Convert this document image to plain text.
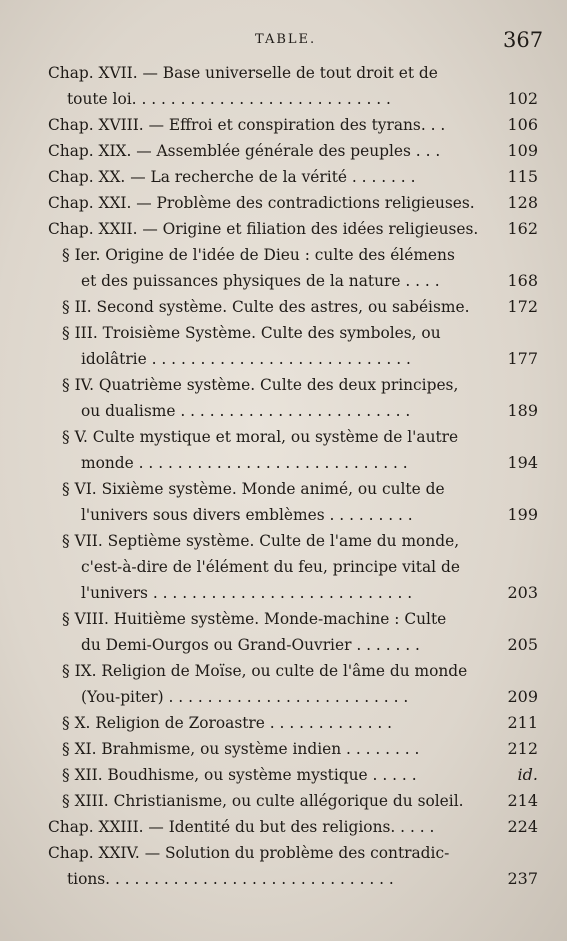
TABLE.	367
Chap. XVII. — Base universelle de tout droit et de
toute loi. . . . . . . . . . . . . . . . . . . . . . . . . . .	102
Chap. XVIII. — Effroi et conspiration des tyrans. . .	106
Chap. XIX. — Assemblée générale des peuples . . .	109
Chap. XX. — La recherche de la vérité . . . . . . .	115
Chap. XXI. — Problème des contradictions religieuses. 128
Chap. XXII. — Origine et filiation des idées religieuses. 162
§ Ier. Origine de l'idée de Dieu : culte des élémens
et des puissances physiques de la nature . . . .	168
§ II. Second système. Culte des astres, ou sabéisme. 172
§ III. Troisième Système. Culte des symboles, ou
idolâtrie . . . . . . . . . . . . . . . . . . . . . . . . . . .	177
§ IV. Quatrième système. Culte des deux principes,
ou dualisme . . . . . . . . . . . . . . . . . . . . . . . .	189
§ V. Culte mystique et moral, ou système de l'autre
monde . . . . . . . . . . . . . . . . . . . . . . . . . . . .	194
§ VI. Sixième système. Monde animé, ou culte de
l'univers sous divers emblèmes . . . . . . . . .	199
§ VII. Septième système. Culte de l'ame du monde,
c'est-à-dire de l'élément du feu, principe vital de
l'univers . . . . . . . . . . . . . . . . . . . . . . . . . . .	203
§ VIII. Huitième système. Monde-machine : Culte
du Demi-Ourgos ou Grand-Ouvrier . . . . . . .	205
§ IX. Religion de Moïse, ou culte de l'âme du monde
(You-piter) . . . . . . . . . . . . . . . . . . . . . . . . .	209
§ X. Religion de Zoroastre . . . . . . . . . . . . .	211
§ XI. Brahmisme, ou système indien . . . . . . . .	212
§ XII. Boudhisme, ou système mystique . . . . .	id.
§ XIII. Christianisme, ou culte allégorique du soleil.	214
Chap. XXIII. — Identité du but des religions. . . . .	224
Chap. XXIV. — Solution du problème des contradic-
tions. . . . . . . . . . . . . . . . . . . . . . . . . . . . . .	237
